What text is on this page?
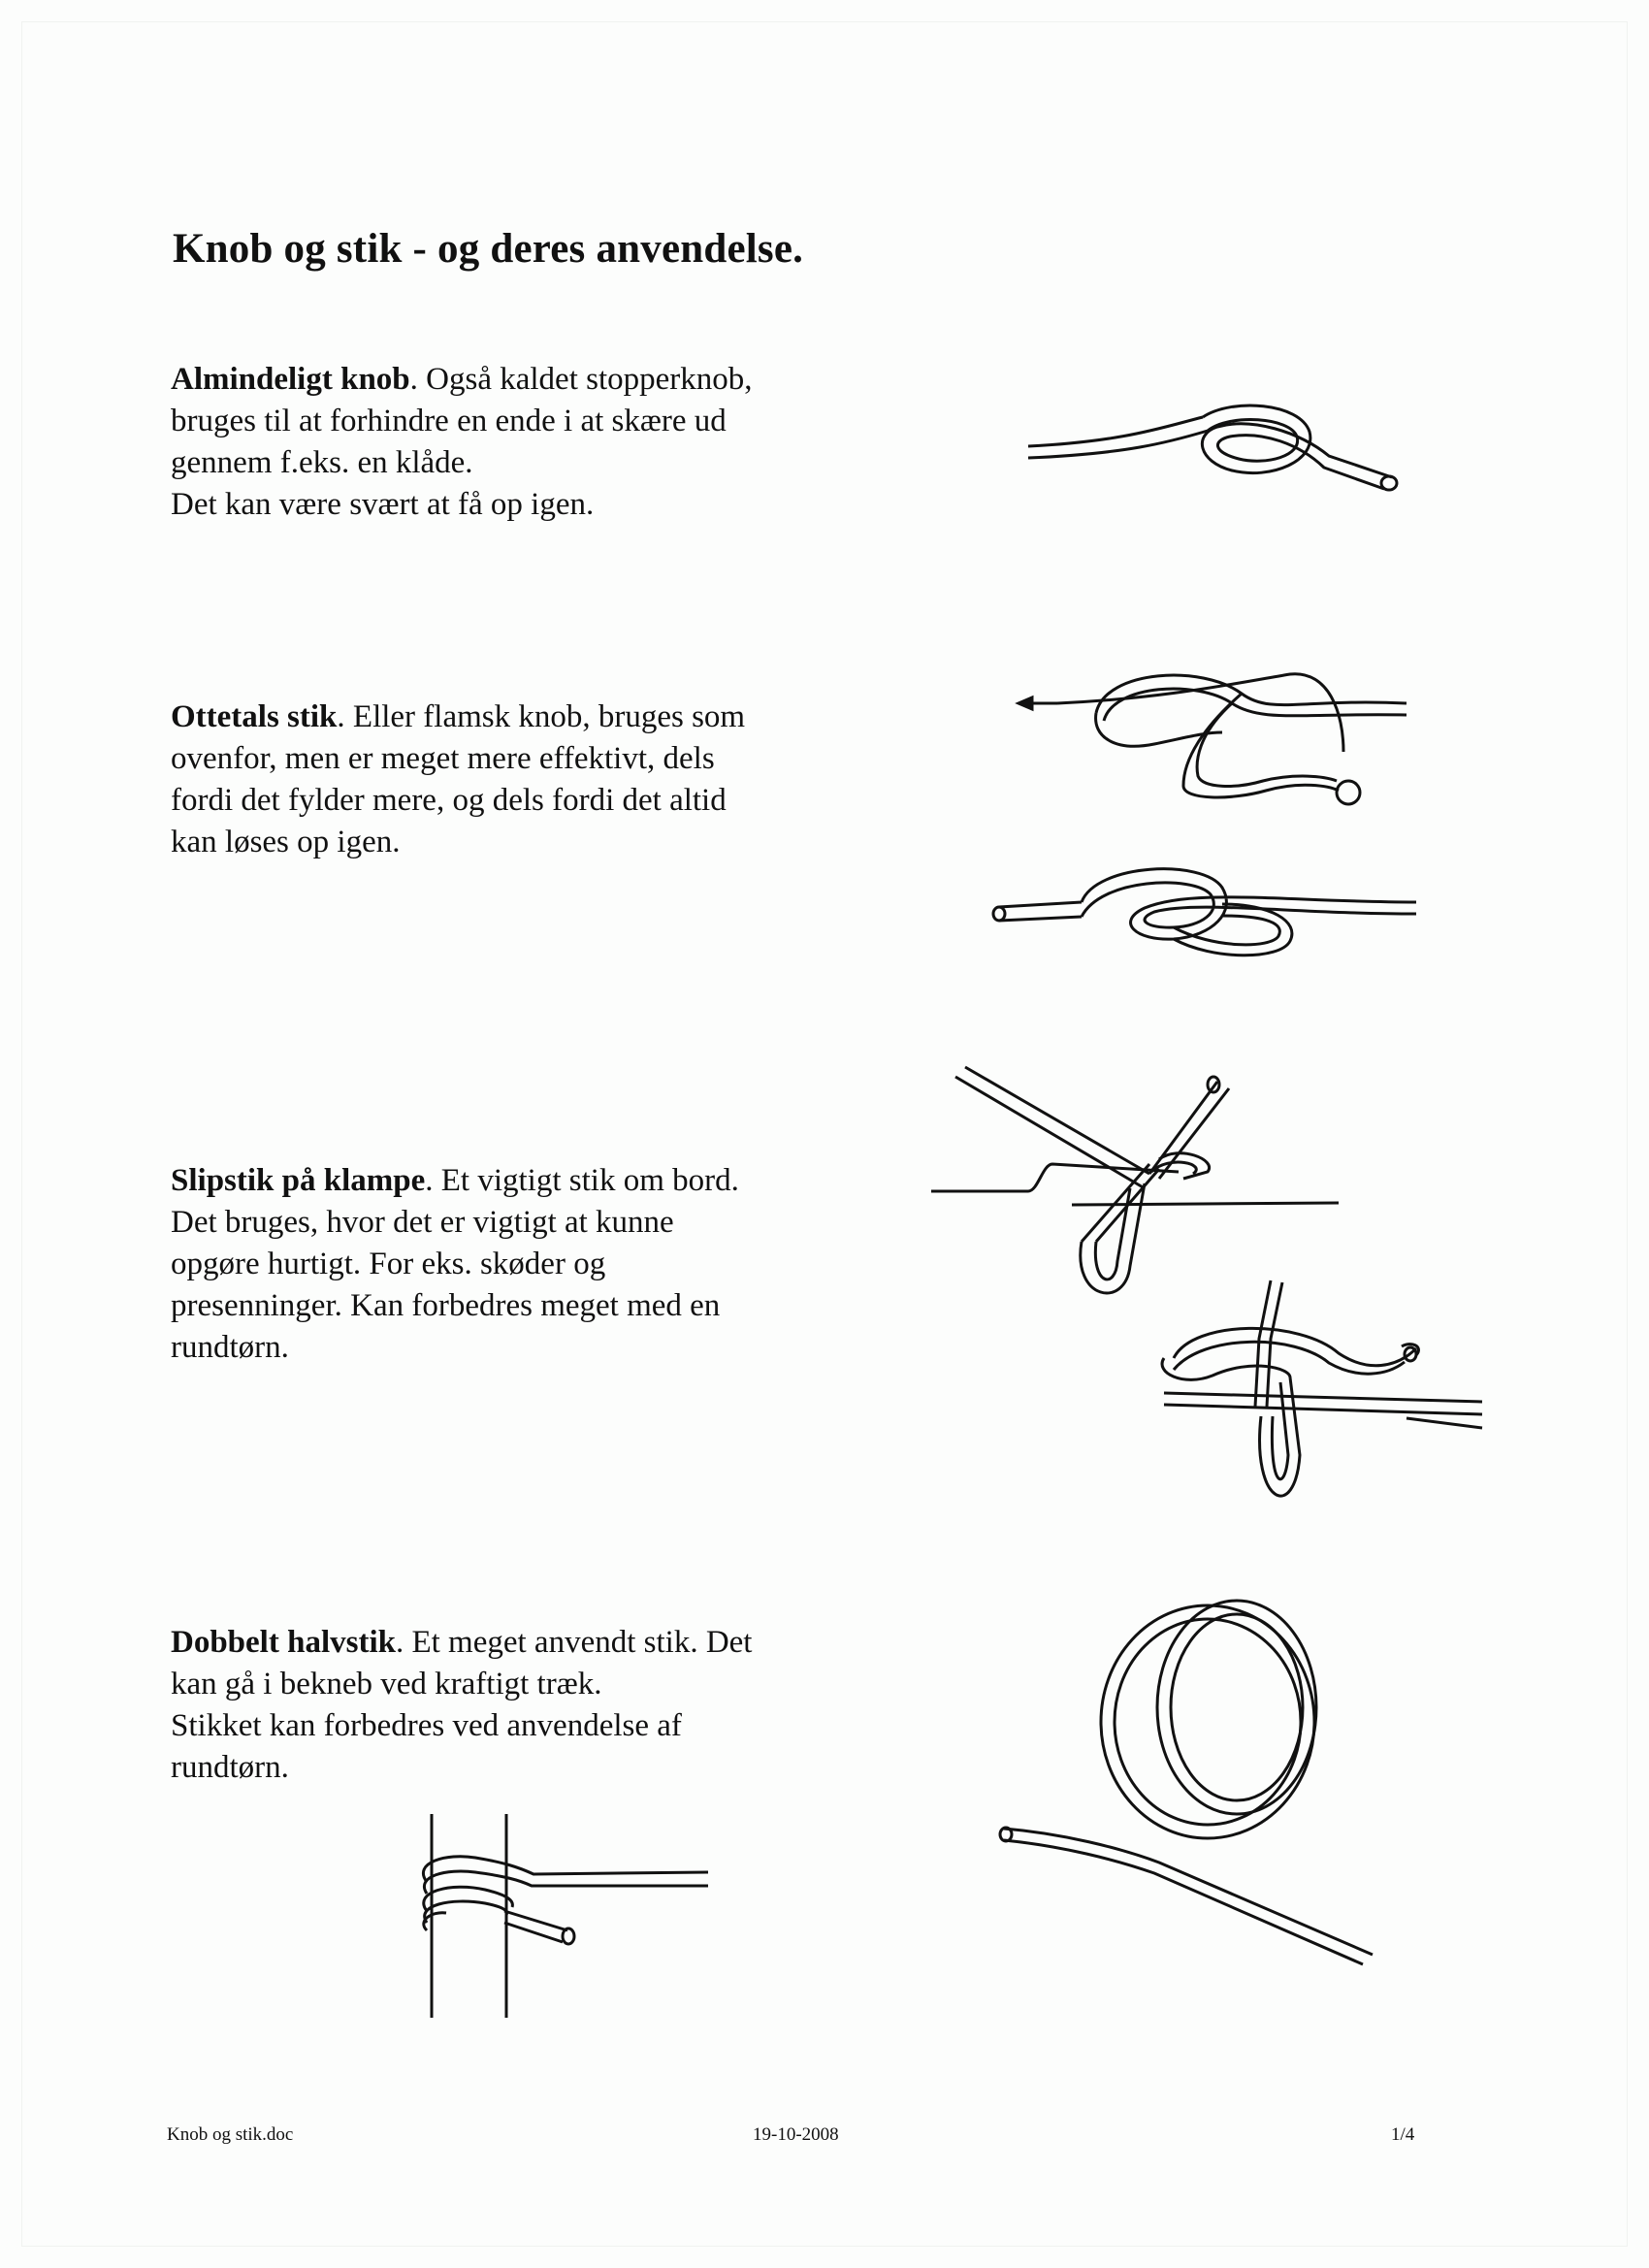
Knob og stik - og deres anvendelse.
Almindeligt knob. Også kaldet stopperknob,
bruges til at forhindre en ende i at skære ud
gennem f.eks. en klåde.
Det kan være svært at få op igen.
Ottetals stik. Eller flamsk knob, bruges som
ovenfor, men er meget mere effektivt, dels
fordi det fylder mere, og dels fordi det altid
kan løses op igen.
Slipstik på klampe. Et vigtigt stik om bord.
Det bruges, hvor det er vigtigt at kunne
opgøre hurtigt. For eks. skøder og
presenninger. Kan forbedres meget med en
rundtørn.
Dobbelt halvstik. Et meget anvendt stik. Det
kan gå i bekneb ved kraftigt træk.
Stikket kan forbedres ved anvendelse af
rundtørn.
Knob og stik.doc	19-10-2008	1/4
